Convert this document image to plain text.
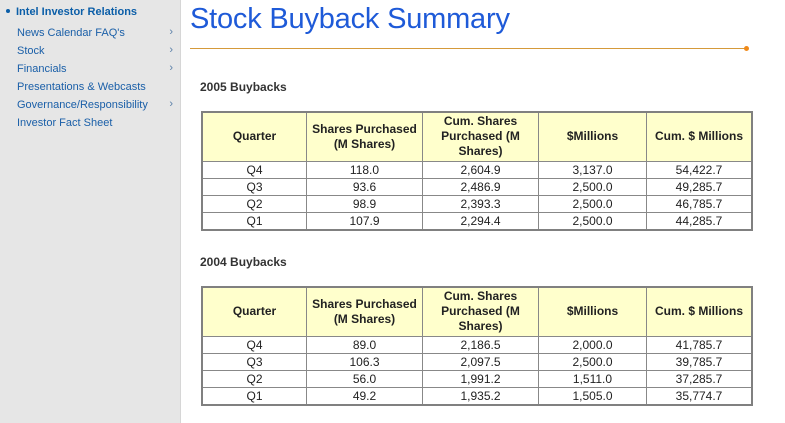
Intel Investor Relations
News Calendar FAQ's	›
Stock	›
Financials	›
Presentations & Webcasts
Governance/Responsibility ›
Investor Fact Sheet
Stock Buyback Summary
2005 Buybacks
Quarter	Shares Purchased (M Shares)	Cum. Shares Purchased (M Shares)	$Millions	Cum. $ Millions
Q4	118.0	2,604.9	3,137.0	54,422.7
Q3	93.6	2,486.9	2,500.0	49,285.7
Q2	98.9	2,393.3	2,500.0	46,785.7
Q1	107.9	2,294.4	2,500.0	44,285.7
2004 Buybacks
Quarter	Shares Purchased (M Shares)	Cum. Shares Purchased (M Shares)	$Millions	Cum. $ Millions
Q4	89.0	2,186.5	2,000.0	41,785.7
Q3	106.3	2,097.5	2,500.0	39,785.7
Q2	56.0	1,991.2	1,511.0	37,285.7
Q1	49.2	1,935.2	1,505.0	35,774.7
